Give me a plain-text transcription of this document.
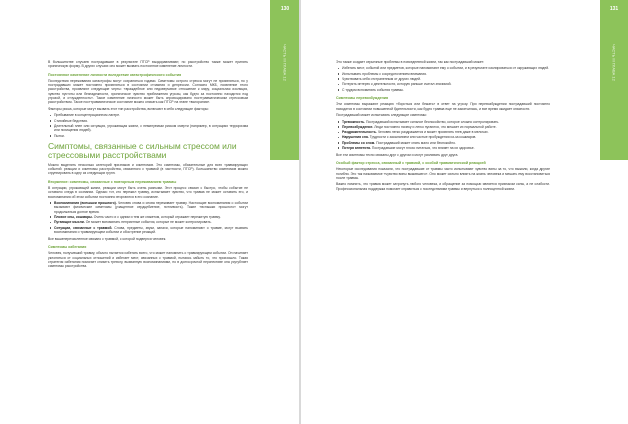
130
ЧАСТЬ III ГЛАВА 12

В большинстве случаев пострадавшие в результате ПТСР выздоравливают, но расстройство также может принять хроническую форму. В других случаях оно может вызвать постоянное изменение личности.

Постоянное изменение личности вследствие катастрофического события

Последствия переживания катастрофы могут сохраняться годами. Симптомы острого стресса могут не проявляться, но у пострадавших может постоянно проявляться в состоянии отчаяния и депрессии. Согласно МКБ, появление этого расстройства, проявляют следующие черты: «враждебное или недоверчивое отношение к миру, социальная изоляция, чувство пустоты или безнадежности, хроническое чувство приближения угрозы, как будто за постоянно находится под угрозой, и отчужденность». Такое изменение личности может быть спровоцировано посттравматическим стрессовым расстройством. Такое посттравматическое состояние можно описать как ПТСР на этапе «выгорания».

Факторы риска, которые могут вызвать этот тип расстройства, включают в себя следующие факторы:

Пребывание в концентрационном лагере.
Стихийные бедствия.
Длительный плен или ситуация, угрожающая жизни, с неминуемым риском смерти (например, в ситуациях терроризма или похищения людей).
Пытки.
Симптомы, связанные с сильным стрессом или стрессовыми расстройствами

Можно выделить несколько категорий признаков и симптомов. Это симптомы, обязательные для всех травмирующих событий: реакции и симптомы расстройства, связанного с травмой (в частности, ПТСР). Большинство симптомов можно сгруппировать в одну из следующих групп.

Вторжение: симптомы, связанные с повторным переживанием травмы

В ситуации, угрожающей жизни, реакции могут быть очень разными. Этот процесс связан с быстро, чтобы событие не оставило следа в сознании. Однако тот, кто пережил травму, испытывает чувство, что травма не может оставить его, и воспоминания об этом событии постоянно вторгаются в его сознание.

Воспоминания (вспышки прошлого). Человек снова и снова переживает травму. Настоящие воспоминания о событии вызывают физические симптомы (учащенное сердцебиение, потливость). Такие «вспышки прошлого» могут продолжаться долгое время.
Плохие сны, кошмары. Очень часто и с одним и тем же сюжетом, который отражает пережитую травму.
Пугающие мысли. Он может вспоминать неприятные события, которые не может контролировать.
Ситуации, связанные с травмой. Слова, предметы, звуки, запахи, которые напоминают о травме, могут вызвать воспоминания о травмирующем событии и обострение реакций.

Все вышеперечисленное связано с травмой, с которой подвергся человек.

Симптомы избегания

Человек, получивший травму, обычно пытается избегать всего, что может напомнить о травмирующем событии. Он начинает уклоняться от социальных отношений и избегает мест, связанных с травмой, пытаясь забыть то, что произошло. Такая стратегия избегания помогает снизить тревогу, вызванную воспоминаниями, но в долгосрочной перспективе она усугубляет симптомы расстройства.

131
ЧАСТЬ III ГЛАВА 12

Это также создает серьезные проблемы в повседневной жизни, так как пострадавший может:

Избегать мест, событий или предметов, которые напоминают ему о событии, и в результате изолироваться от окружающих людей.
Испытывать проблемы с сосредоточением внимания.
Чувствовать себя отстраненным от других людей.
Потерять интерес к деятельности, которую раньше считал значимой.
С трудом вспоминать события травмы.
Симптомы перевозбуждения

Эти симптомы выражают реакцию «бороться или бежать» в ответ на угрозу. При перевозбуждении пострадавший постоянно находится в состоянии повышенной бдительности, как будто травма еще не закончилась, и все время ожидает опасности.

Пострадавший может испытывать следующие симптомы:

Тревожность. Пострадавший испытывает сильное беспокойство, которое сложно контролировать.
Перевозбуждение. Люди постоянно начеку и легко пугаются, что мешает их нормальной работе.
Раздражительность. Человек легко раздражается и может проявлять гнев даже в мелочах.
Нарушения сна. Трудности с засыпанием или частые пробуждения из-за кошмаров.
Проблемы со сном. Пострадавший может спать мало или беспокойно.
Потеря аппетита. Пострадавшие могут плохо питаться, что влияет на их здоровье.

Все эти симптомы тесно связаны друг с другом и могут усиливать друг друга.

Особый фактор стресса, связанный с травмой, с особой травматической реакцией

Некоторые исследования показали, что пострадавшие от травмы часто испытывают чувство вины за то, что выжили, когда другие погибли. Это так называемое «чувство вины выжившего». Оно может сильно влиять на жизнь человека и мешать ему восстановиться после травмы.

Важно помнить, что травма может затронуть любого человека, и обращение за помощью является признаком силы, а не слабости. Профессиональная поддержка помогает справиться с последствиями травмы и вернуться к полноценной жизни.
